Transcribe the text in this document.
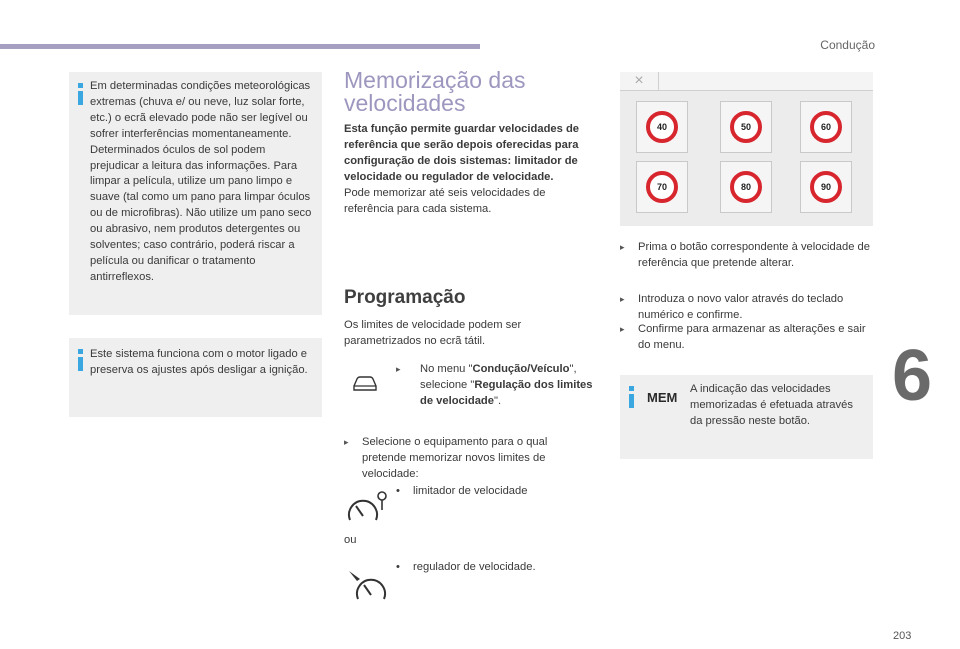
Condução
6
203
Em determinadas condições meteorológicas extremas (chuva e/ ou neve, luz solar forte, etc.) o ecrã elevado pode não ser legível ou sofrer interferências momentaneamente. Determinados óculos de sol podem prejudicar a leitura das informações. Para limpar a película, utilize um pano limpo e suave (tal como um pano para limpar óculos ou de microfibras). Não utilize um pano seco ou abrasivo, nem produtos detergentes ou solventes; caso contrário, poderá riscar a película ou danificar o tratamento antirreflexos.
Este sistema funciona com o motor ligado e preserva os ajustes após desligar a ignição.
Memorização das
velocidades
Esta função permite guardar velocidades de referência que serão depois oferecidas para configuração de dois sistemas: limitador de velocidade ou regulador de velocidade.
Pode memorizar até seis velocidades de referência para cada sistema.
Programação
Os limites de velocidade podem ser parametrizados no ecrã tátil.
▸	No menu "Condução/Veículo", selecione "Regulação dos limites de velocidade".
▸	Selecione o equipamento para o qual pretende memorizar novos limites de velocidade:
• limitador de velocidade
ou
• regulador de velocidade.
×
40	50	60
70	80	90
▸	Prima o botão correspondente à velocidade de referência que pretende alterar.
▸	Introduza o novo valor através do teclado numérico e confirme.
▸	Confirme para armazenar as alterações e sair do menu.
MEM
A indicação das velocidades memorizadas é efetuada através da pressão neste botão.
